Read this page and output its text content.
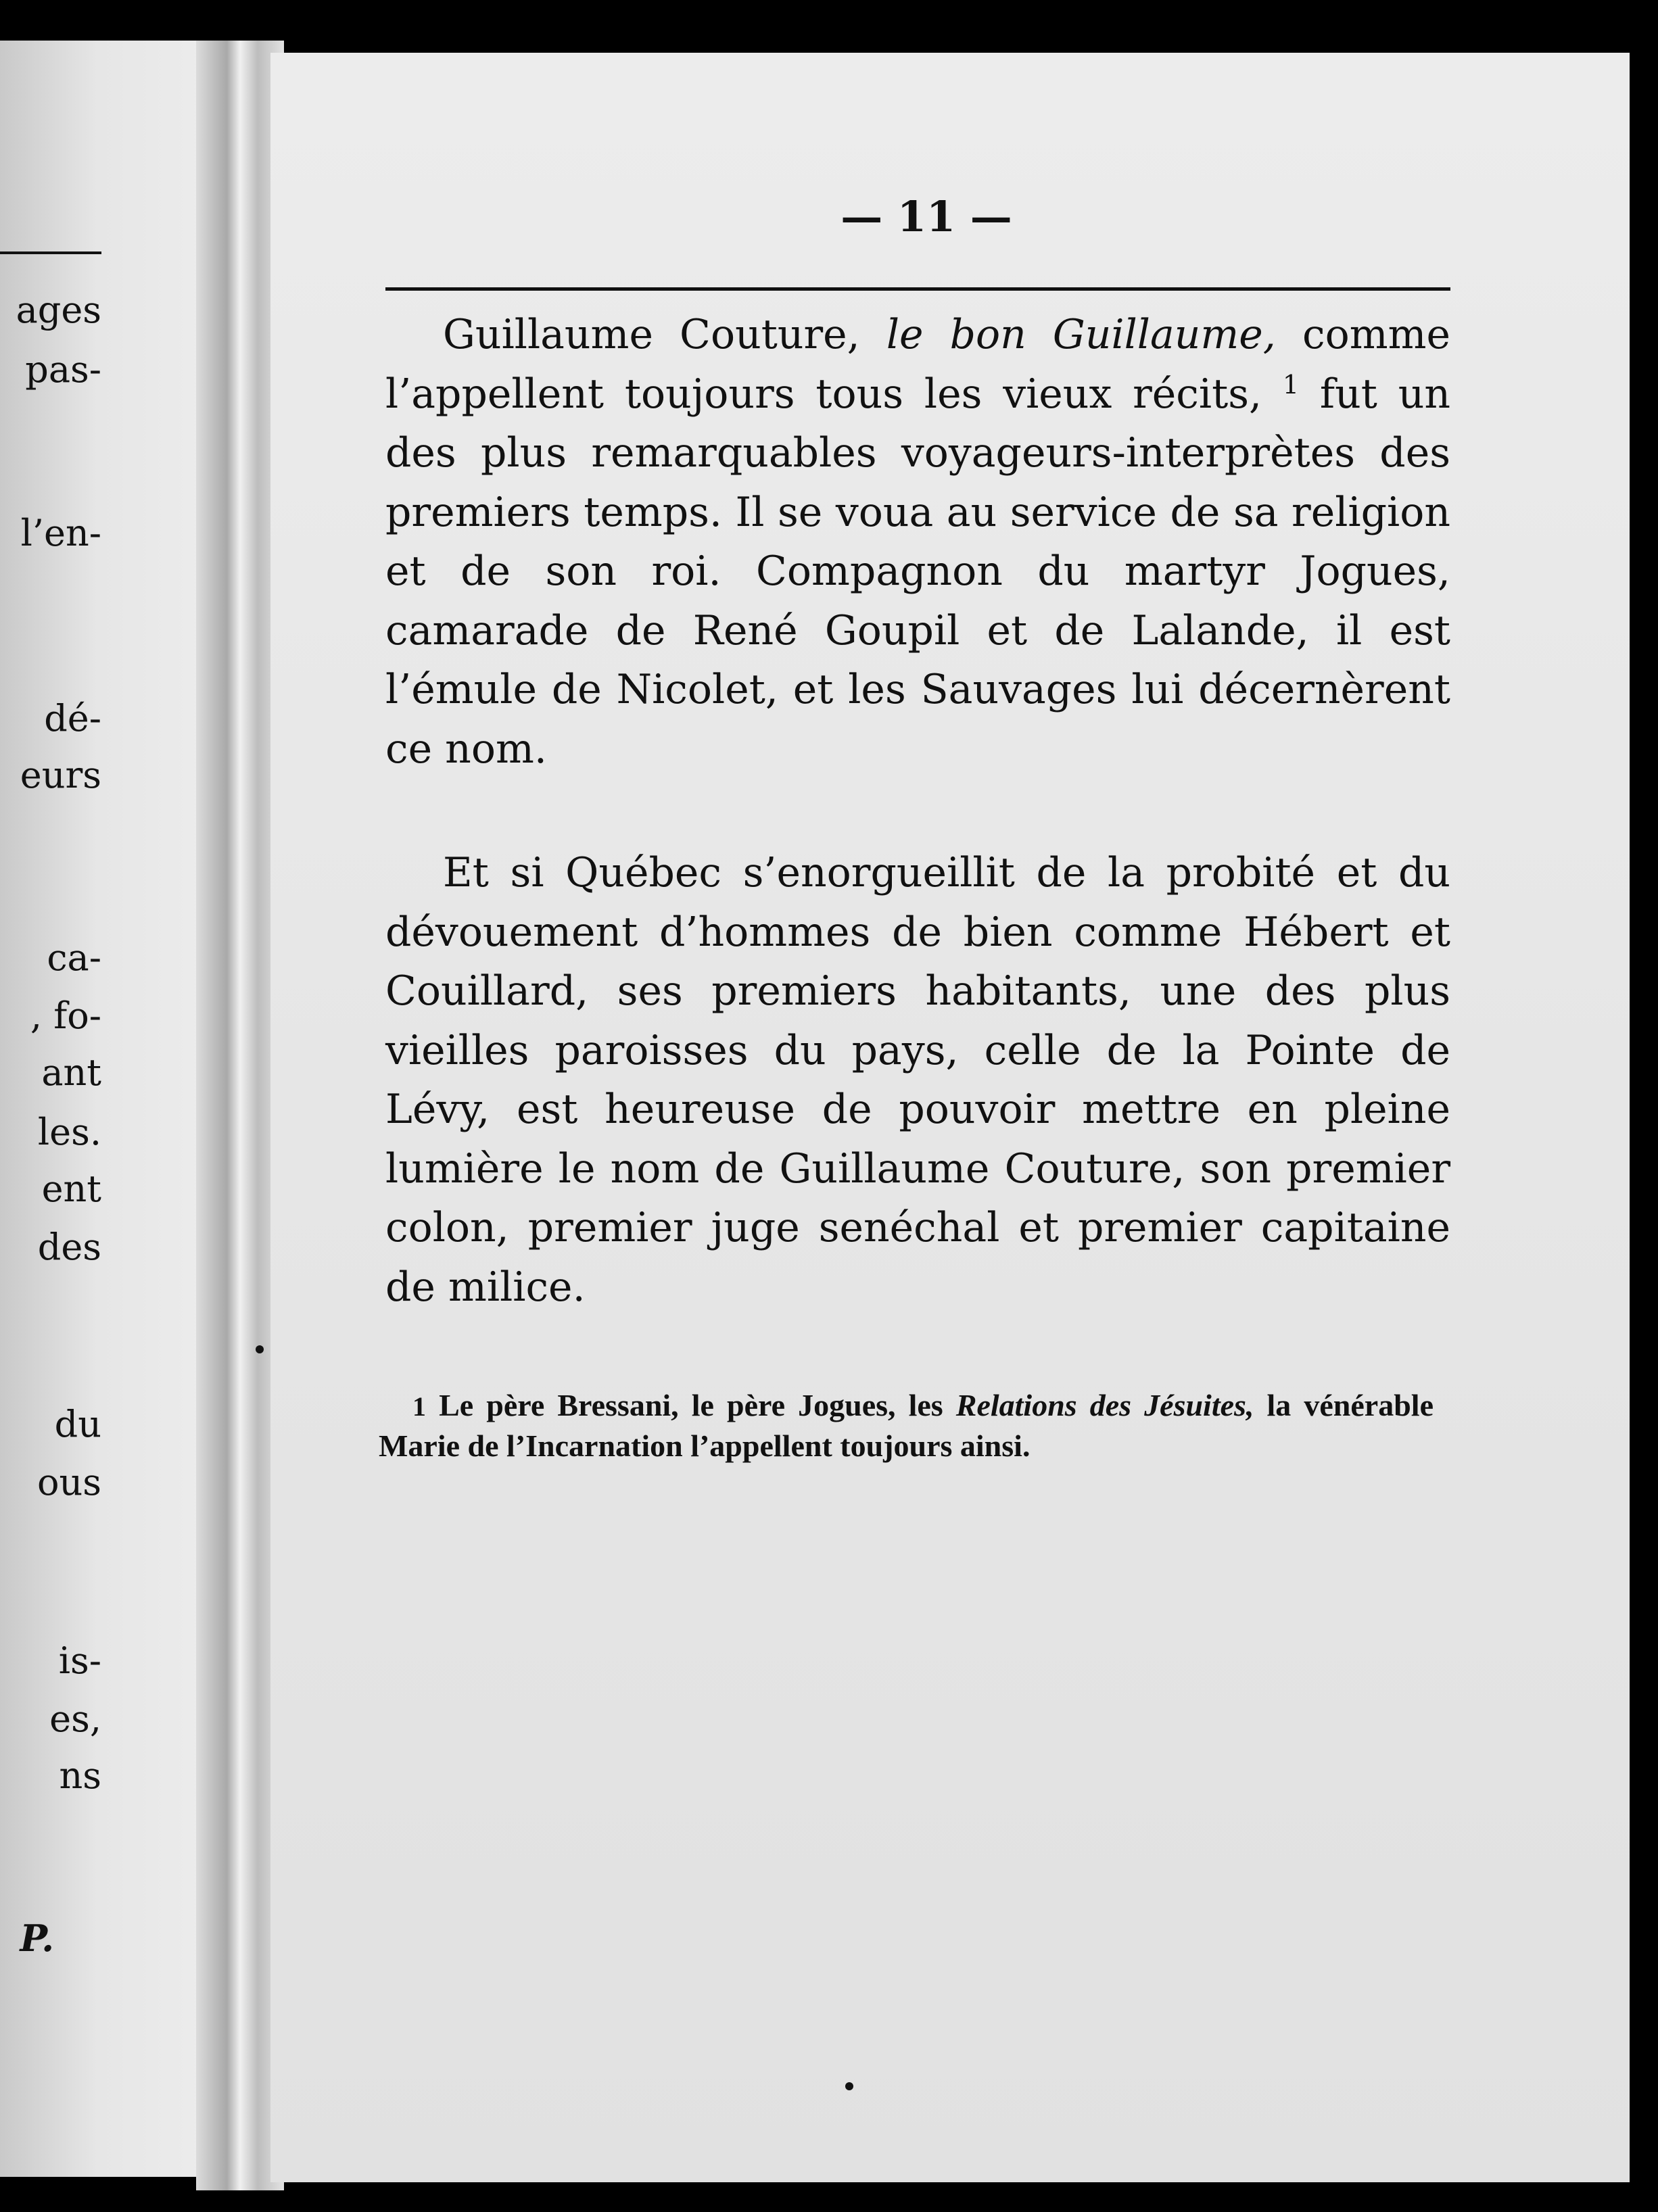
ages
pas-
l’en-
dé-
eurs
ca-
, fo-
ant
les.
ent
des
du
ous
is-
es,
ns
P.
— 11 —

Guillaume Couture, le bon Guillaume, comme l’appellent toujours tous les vieux récits, $^1$ fut un des plus remarquables voyageurs-interprètes des premiers temps. Il se voua au service de sa religion et de son roi. Compagnon du martyr Jogues, camarade de René Goupil et de Lalande, il est l’émule de Nicolet, et les Sauvages lui décernèrent ce nom.

Et si Québec s’enorgueillit de la probité et du dévouement d’hommes de bien comme Hébert et Couillard, ses premiers habitants, une des plus vieilles paroisses du pays, celle de la Pointe de Lévy, est heureuse de pouvoir mettre en pleine lumière le nom de Guillaume Couture, son premier colon, premier juge senéchal et premier capitaine de milice.

1 Le père Bressani, le père Jogues, les Relations des Jésuites, la vénérable Marie de l’Incarnation l’appellent toujours ainsi.
